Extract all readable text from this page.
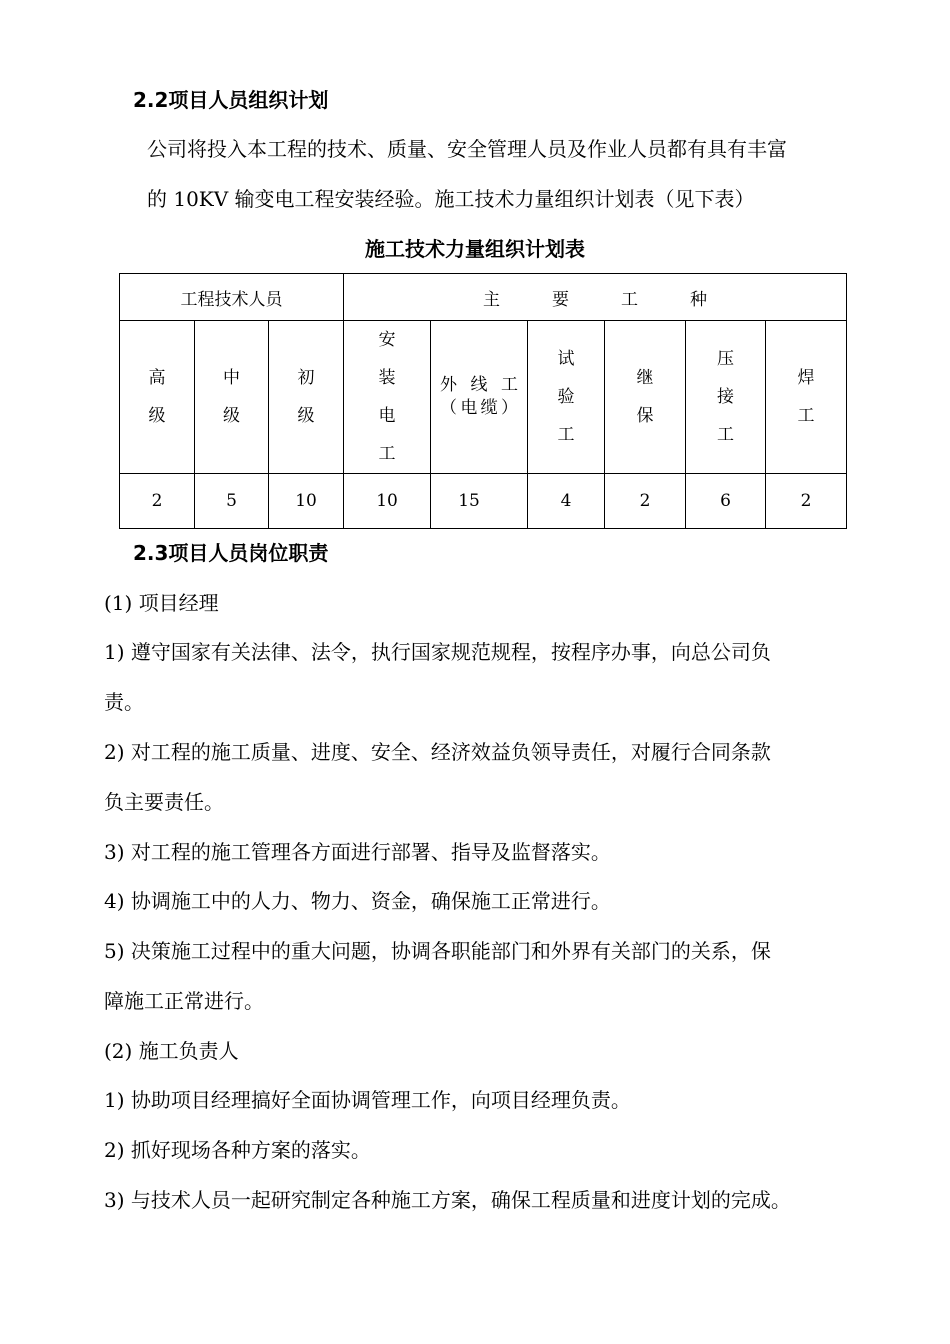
2.2项目人员组织计划
公司将投入本工程的技术、质量、安全管理人员及作业人员都有具有丰富
的 10KV 输变电工程安装经验。施工技术力量组织计划表（见下表）
施工技术力量组织计划表
工程技术人员			主 要 工 种					
高级	中级	初级	安装电工	外线工（电缆）	试验工	继保	压接工	焊工
2	5	10	10	15	4	2	6	2
2.3项目人员岗位职责
(1) 项目经理
1) 遵守国家有关法律、法令，执行国家规范规程，按程序办事，向总公司负
责。
2) 对工程的施工质量、进度、安全、经济效益负领导责任，对履行合同条款
负主要责任。
3) 对工程的施工管理各方面进行部署、指导及监督落实。
4) 协调施工中的人力、物力、资金，确保施工正常进行。
5) 决策施工过程中的重大问题，协调各职能部门和外界有关部门的关系，保
障施工正常进行。
(2) 施工负责人
1) 协助项目经理搞好全面协调管理工作，向项目经理负责。
2) 抓好现场各种方案的落实。
3) 与技术人员一起研究制定各种施工方案，确保工程质量和进度计划的完成。
